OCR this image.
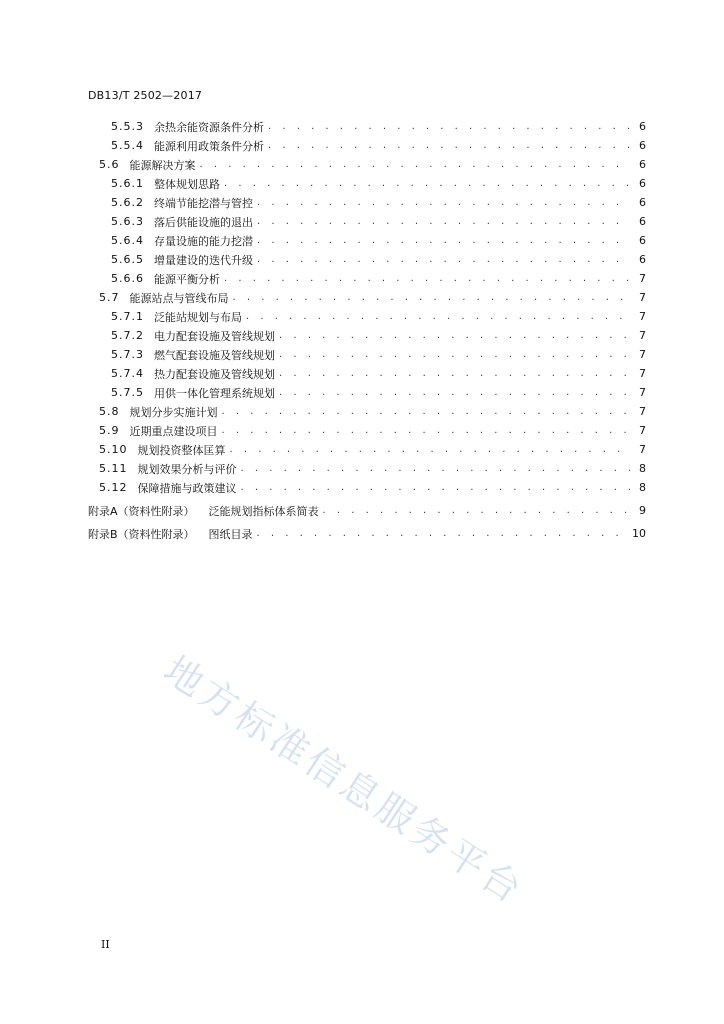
DB13/T 2502—2017
5.5.3 余热余能资源条件分析 . . .	6
5.5.4 能源利用政策条件分析 . . .	6
5.6 能源解决方案 . . .	6
5.6.1 整体规划思路 . . .	6
5.6.2 终端节能挖潜与管控 . . .	6
5.6.3 落后供能设施的退出 . . .	6
5.6.4 存量设施的能力挖潜 . . .	6
5.6.5 增量建设的迭代升级 . . .	6
5.6.6 能源平衡分析 . . .	7
5.7 能源站点与管线布局 . . .	7
5.7.1 泛能站规划与布局 . . .	7
5.7.2 电力配套设施及管线规划 . . .	7
5.7.3 燃气配套设施及管线规划 . . .	7
5.7.4 热力配套设施及管线规划 . . .	7
5.7.5 用供一体化管理系统规划 . . .	7
5.8 规划分步实施计划 . . .	7
5.9 近期重点建设项目 . . .	7
5.10 规划投资整体匡算 . . .	7
5.11 规划效果分析与评价 . . .	8
5.12 保障措施与政策建议 . . .	8
附录A（资料性附录）	泛能规划指标体系简表 . . .	9
附录B（资料性附录）	图纸目录 . . .	10
地方标准信息服务平台
II
